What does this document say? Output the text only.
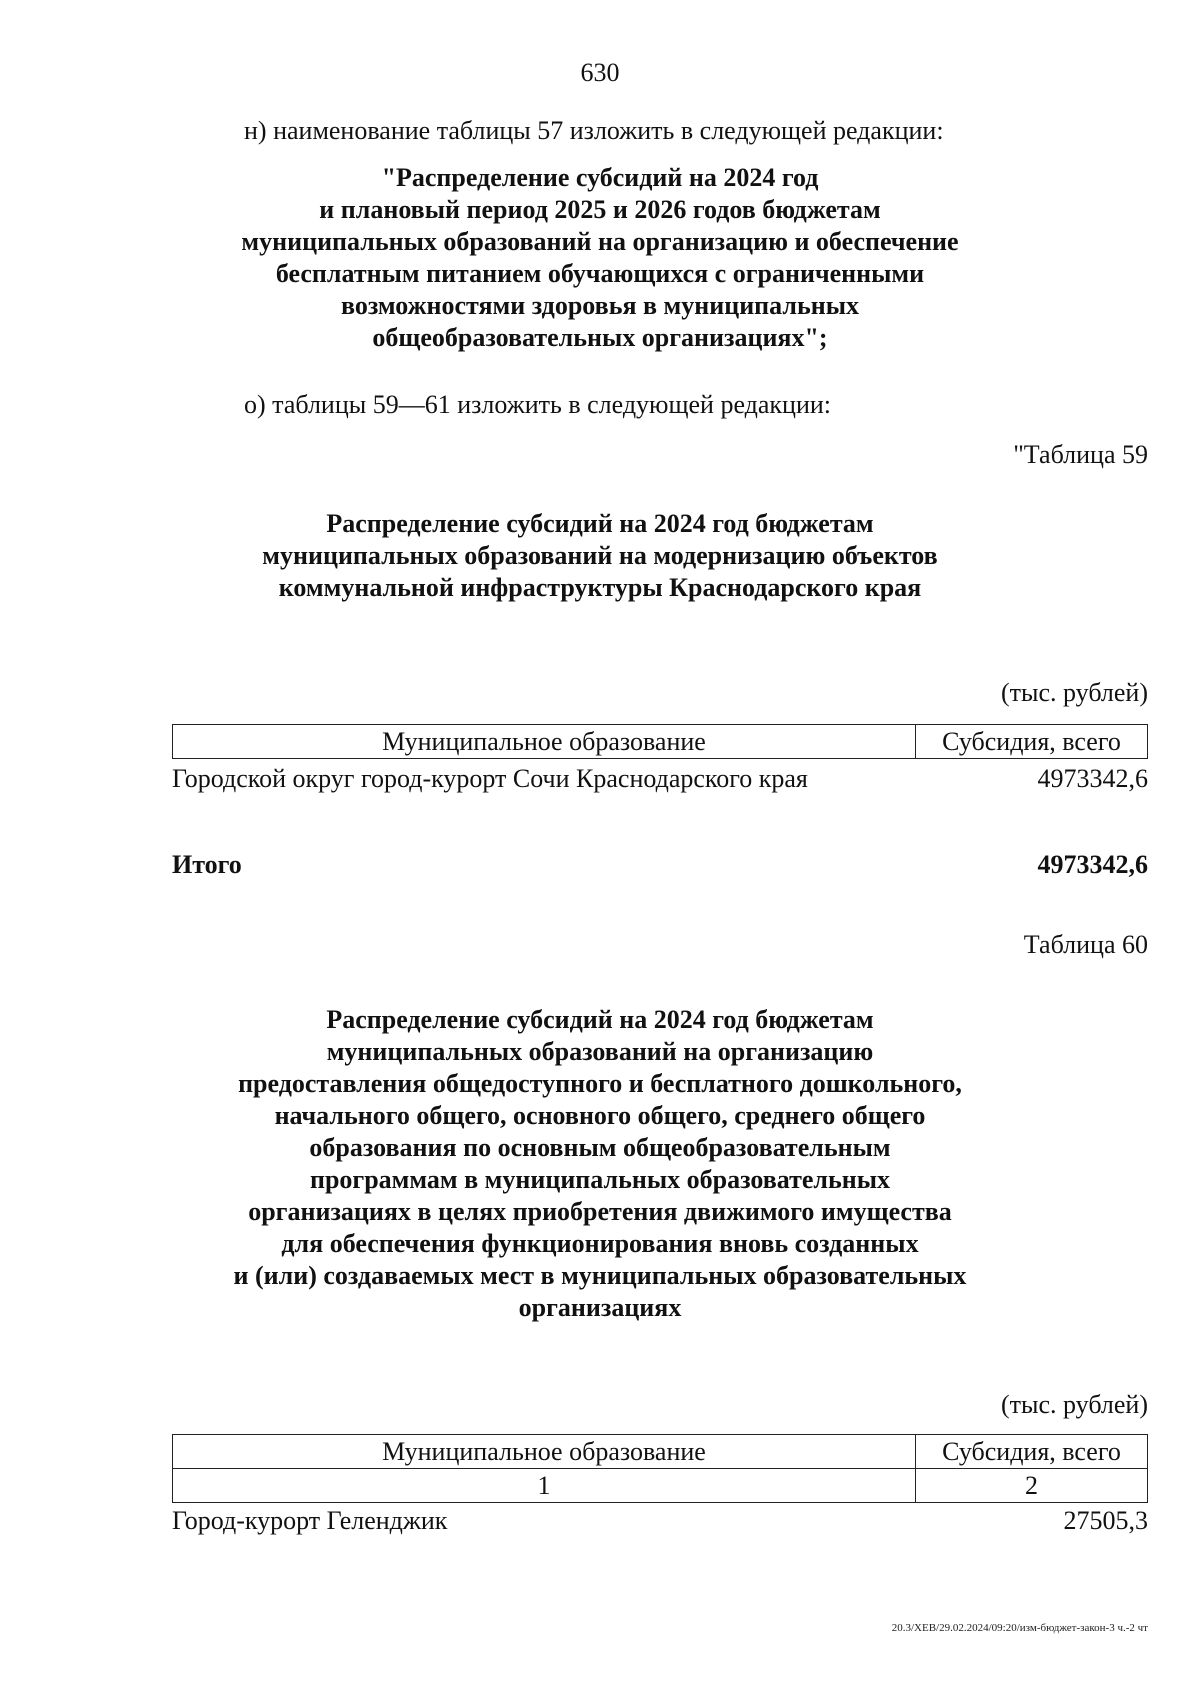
630
н) наименование таблицы 57 изложить в следующей редакции:
"Распределение субсидий на 2024 год
и плановый период 2025 и 2026 годов бюджетам
муниципальных образований на организацию и обеспечение
бесплатным питанием обучающихся с ограниченными
возможностями здоровья в муниципальных
общеобразовательных организациях";
о) таблицы 59—61 изложить в следующей редакции:
"Таблица 59
Распределение субсидий на 2024 год бюджетам
муниципальных образований на модернизацию объектов
коммунальной инфраструктуры Краснодарского края
(тыс. рублей)
Муниципальное образование	Субсидия, всего
Городской округ город-курорт Сочи Краснодарского края	4973342,6
Итого	4973342,6
Таблица 60
Распределение субсидий на 2024 год бюджетам
муниципальных образований на организацию
предоставления общедоступного и бесплатного дошкольного,
начального общего, основного общего, среднего общего
образования по основным общеобразовательным
программам в муниципальных образовательных
организациях в целях приобретения движимого имущества
для обеспечения функционирования вновь созданных
и (или) создаваемых мест в муниципальных образовательных
организациях
(тыс. рублей)
Муниципальное образование	Субсидия, всего
1	2
Город-курорт Геленджик	27505,3
20.3/ХЕВ/29.02.2024/09:20/изм-бюджет-закон-3 ч.-2 чт
